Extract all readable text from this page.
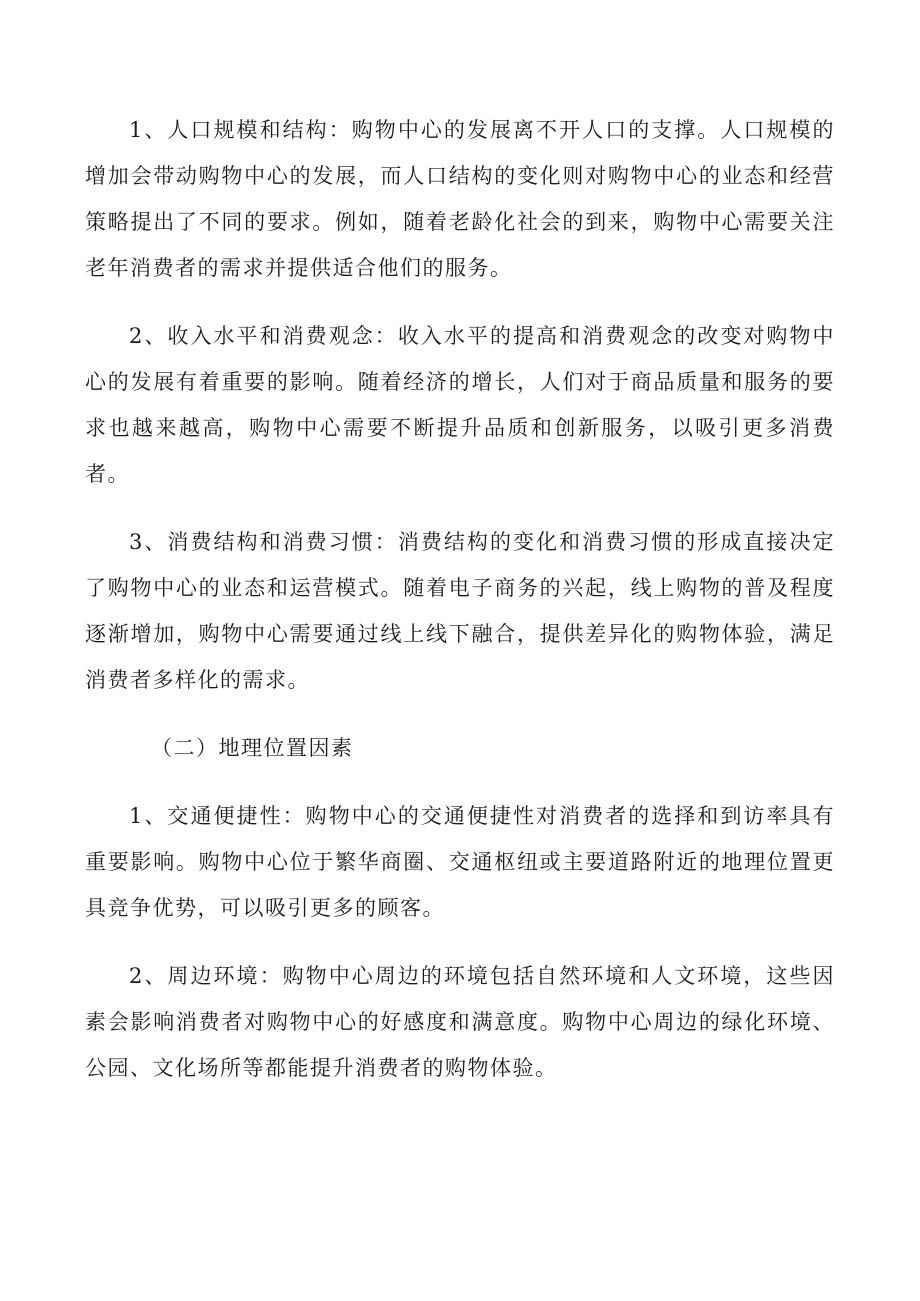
1、人口规模和结构：购物中心的发展离不开人口的支撑。人口规模的增加会带动购物中心的发展，而人口结构的变化则对购物中心的业态和经营策略提出了不同的要求。例如，随着老龄化社会的到来，购物中心需要关注老年消费者的需求并提供适合他们的服务。

2、收入水平和消费观念：收入水平的提高和消费观念的改变对购物中心的发展有着重要的影响。随着经济的增长，人们对于商品质量和服务的要求也越来越高，购物中心需要不断提升品质和创新服务，以吸引更多消费者。

3、消费结构和消费习惯：消费结构的变化和消费习惯的形成直接决定了购物中心的业态和运营模式。随着电子商务的兴起，线上购物的普及程度逐渐增加，购物中心需要通过线上线下融合，提供差异化的购物体验，满足消费者多样化的需求。

（二）地理位置因素

1、交通便捷性：购物中心的交通便捷性对消费者的选择和到访率具有重要影响。购物中心位于繁华商圈、交通枢纽或主要道路附近的地理位置更具竞争优势，可以吸引更多的顾客。

2、周边环境：购物中心周边的环境包括自然环境和人文环境，这些因素会影响消费者对购物中心的好感度和满意度。购物中心周边的绿化环境、公园、文化场所等都能提升消费者的购物体验。
